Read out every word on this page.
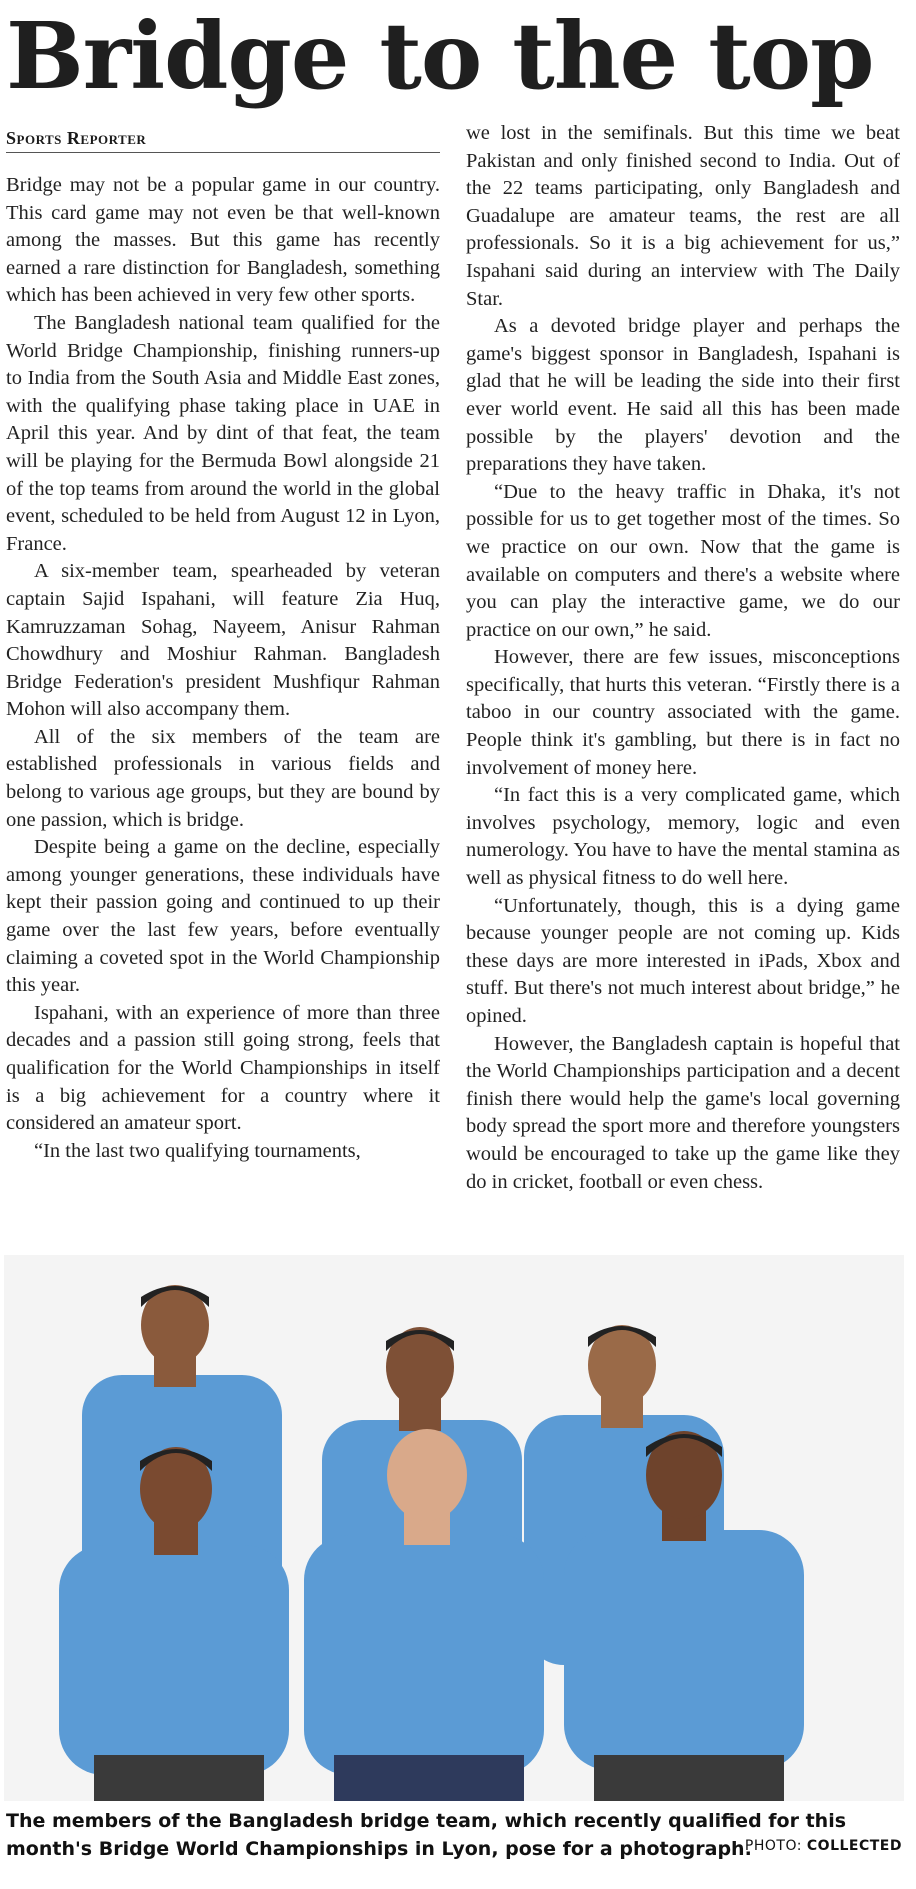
Bridge to the top
Sports Reporter

Bridge may not be a popular game in our country. This card game may not even be that well-known among the masses. But this game has recently earned a rare distinction for Bangladesh, something which has been achieved in very few other sports.

The Bangladesh national team qualified for the World Bridge Championship, finishing runners-up to India from the South Asia and Middle East zones, with the qualifying phase taking place in UAE in April this year. And by dint of that feat, the team will be playing for the Bermuda Bowl alongside 21 of the top teams from around the world in the global event, scheduled to be held from August 12 in Lyon, France.

A six-member team, spearheaded by veteran captain Sajid Ispahani, will feature Zia Huq, Kamruzzaman Sohag, Nayeem, Anisur Rahman Chowdhury and Moshiur Rahman. Bangladesh Bridge Federation's president Mushfiqur Rahman Mohon will also accompany them.

All of the six members of the team are established professionals in various fields and belong to various age groups, but they are bound by one passion, which is bridge.

Despite being a game on the decline, especially among younger generations, these individuals have kept their passion going and continued to up their game over the last few years, before eventually claiming a coveted spot in the World Championship this year.

Ispahani, with an experience of more than three decades and a passion still going strong, feels that qualification for the World Championships in itself is a big achievement for a country where it considered an amateur sport.

“In the last two qualifying tournaments,

we lost in the semifinals. But this time we beat Pakistan and only finished second to India. Out of the 22 teams participating, only Bangladesh and Guadalupe are amateur teams, the rest are all professionals. So it is a big achievement for us,” Ispahani said during an interview with The Daily Star.

As a devoted bridge player and perhaps the game's biggest sponsor in Bangladesh, Ispahani is glad that he will be leading the side into their first ever world event. He said all this has been made possible by the players' devotion and the preparations they have taken.

“Due to the heavy traffic in Dhaka, it's not possible for us to get together most of the times. So we practice on our own. Now that the game is available on computers and there's a website where you can play the interactive game, we do our practice on our own,” he said.

However, there are few issues, misconceptions specifically, that hurts this veteran. “Firstly there is a taboo in our country associated with the game. People think it's gambling, but there is in fact no involvement of money here.

“In fact this is a very complicated game, which involves psychology, memory, logic and even numerology. You have to have the mental stamina as well as physical fitness to do well here.

“Unfortunately, though, this is a dying game because younger people are not coming up. Kids these days are more interested in iPads, Xbox and stuff. But there's not much interest about bridge,” he opined.

However, the Bangladesh captain is hopeful that the World Championships participation and a decent finish there would help the game's local governing body spread the sport more and therefore youngsters would be encouraged to take up the game like they do in cricket, football or even chess.

The members of the Bangladesh bridge team, which recently qualified for this month's Bridge World Championships in Lyon, pose for a photograph.
PHOTO: COLLECTED
